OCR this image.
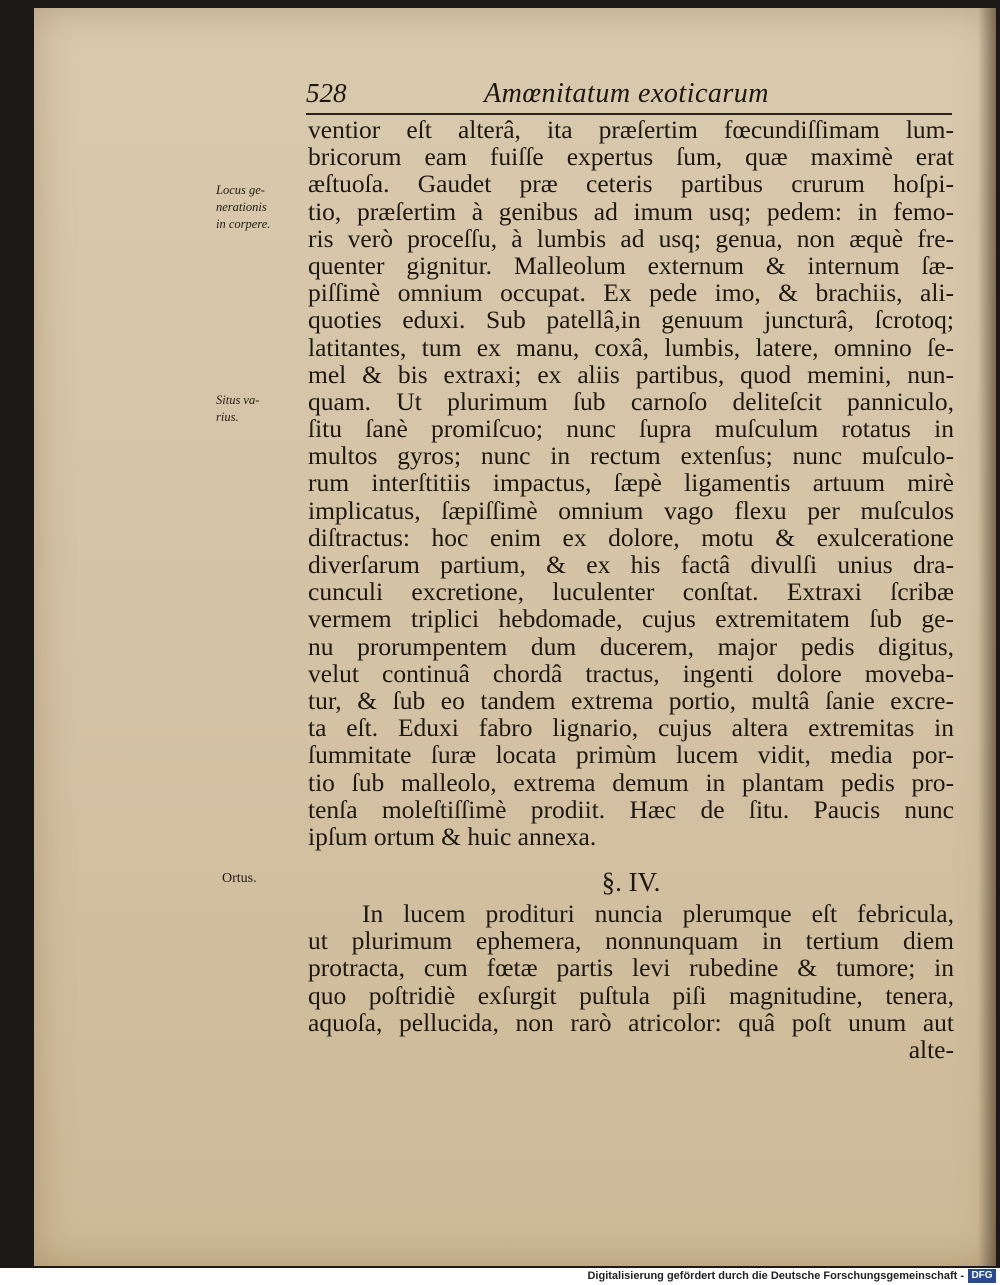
528	Amœnitatum exoticarum
Locus ge-
nerationis
in corpere.
Situs va-
rius.
Ortus.
ventior eſt alterâ, ita præſertim fœcundiſſimam lum-
bricorum eam fuiſſe expertus ſum, quæ maximè erat
æſtuoſa. Gaudet præ ceteris partibus crurum hoſpi-
tio, præſertim à genibus ad imum usq; pedem: in femo-
ris verò proceſſu, à lumbis ad usq; genua, non æquè fre-
quenter gignitur. Malleolum externum & internum ſæ-
piſſimè omnium occupat. Ex pede imo, & brachiis, ali-
quoties eduxi. Sub patellâ,in genuum juncturâ, ſcrotoq;
latitantes, tum ex manu, coxâ, lumbis, latere, omnino ſe-
mel & bis extraxi; ex aliis partibus, quod memini, nun-
quam. Ut plurimum ſub carnoſo deliteſcit panniculo,
ſitu ſanè promiſcuo; nunc ſupra muſculum rotatus in
multos gyros; nunc in rectum extenſus; nunc muſculo-
rum interſtitiis impactus, ſæpè ligamentis artuum mirè
implicatus, ſæpiſſimè omnium vago flexu per muſculos
diſtractus: hoc enim ex dolore, motu & exulceratione
diverſarum partium, & ex his factâ divulſi unius dra-
cunculi excretione, luculenter conſtat. Extraxi ſcribæ
vermem triplici hebdomade, cujus extremitatem ſub ge-
nu prorumpentem dum ducerem, major pedis digitus,
velut continuâ chordâ tractus, ingenti dolore moveba-
tur, & ſub eo tandem extrema portio, multâ ſanie excre-
ta eſt. Eduxi fabro lignario, cujus altera extremitas in
ſummitate ſuræ locata primùm lucem vidit, media por-
tio ſub malleolo, extrema demum in plantam pedis pro-
tenſa moleſtiſſimè prodiit. Hæc de ſitu. Paucis nunc
ipſum ortum & huic annexa.
§. IV.
In lucem prodituri nuncia plerumque eſt febricula,
ut plurimum ephemera, nonnunquam in tertium diem
protracta, cum fœtæ partis levi rubedine & tumore; in
quo poſtridiè exſurgit puſtula piſi magnitudine, tenera,
aquoſa, pellucida, non rarò atricolor: quâ poſt unum aut
alte-
Digitalisierung gefördert durch die Deutsche Forschungsgemeinschaft - DFG
